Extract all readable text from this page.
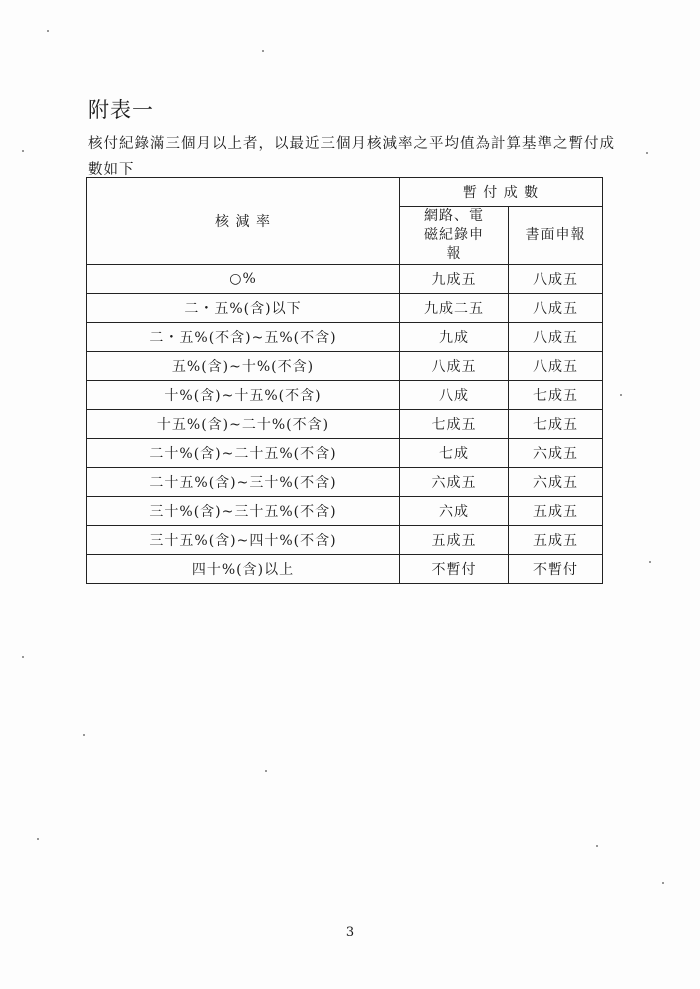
附表一
核付紀錄滿三個月以上者，以最近三個月核減率之平均值為計算基準之暫付成數如下
核 減 率	暫 付 成 數	

	網路、電磁紀錄申報	書面申報
○%	九成五	八成五
二・五%(含)以下	九成二五	八成五
二・五%(不含)~五%(不含)	九成	八成五
五%(含)~十%(不含)	八成五	八成五
十%(含)~十五%(不含)	八成	七成五
十五%(含)~二十%(不含)	七成五	七成五
二十%(含)~二十五%(不含)	七成	六成五
二十五%(含)~三十%(不含)	六成五	六成五
三十%(含)~三十五%(不含)	六成	五成五
三十五%(含)~四十%(不含)	五成五	五成五
四十%(含)以上	不暫付	不暫付
3
